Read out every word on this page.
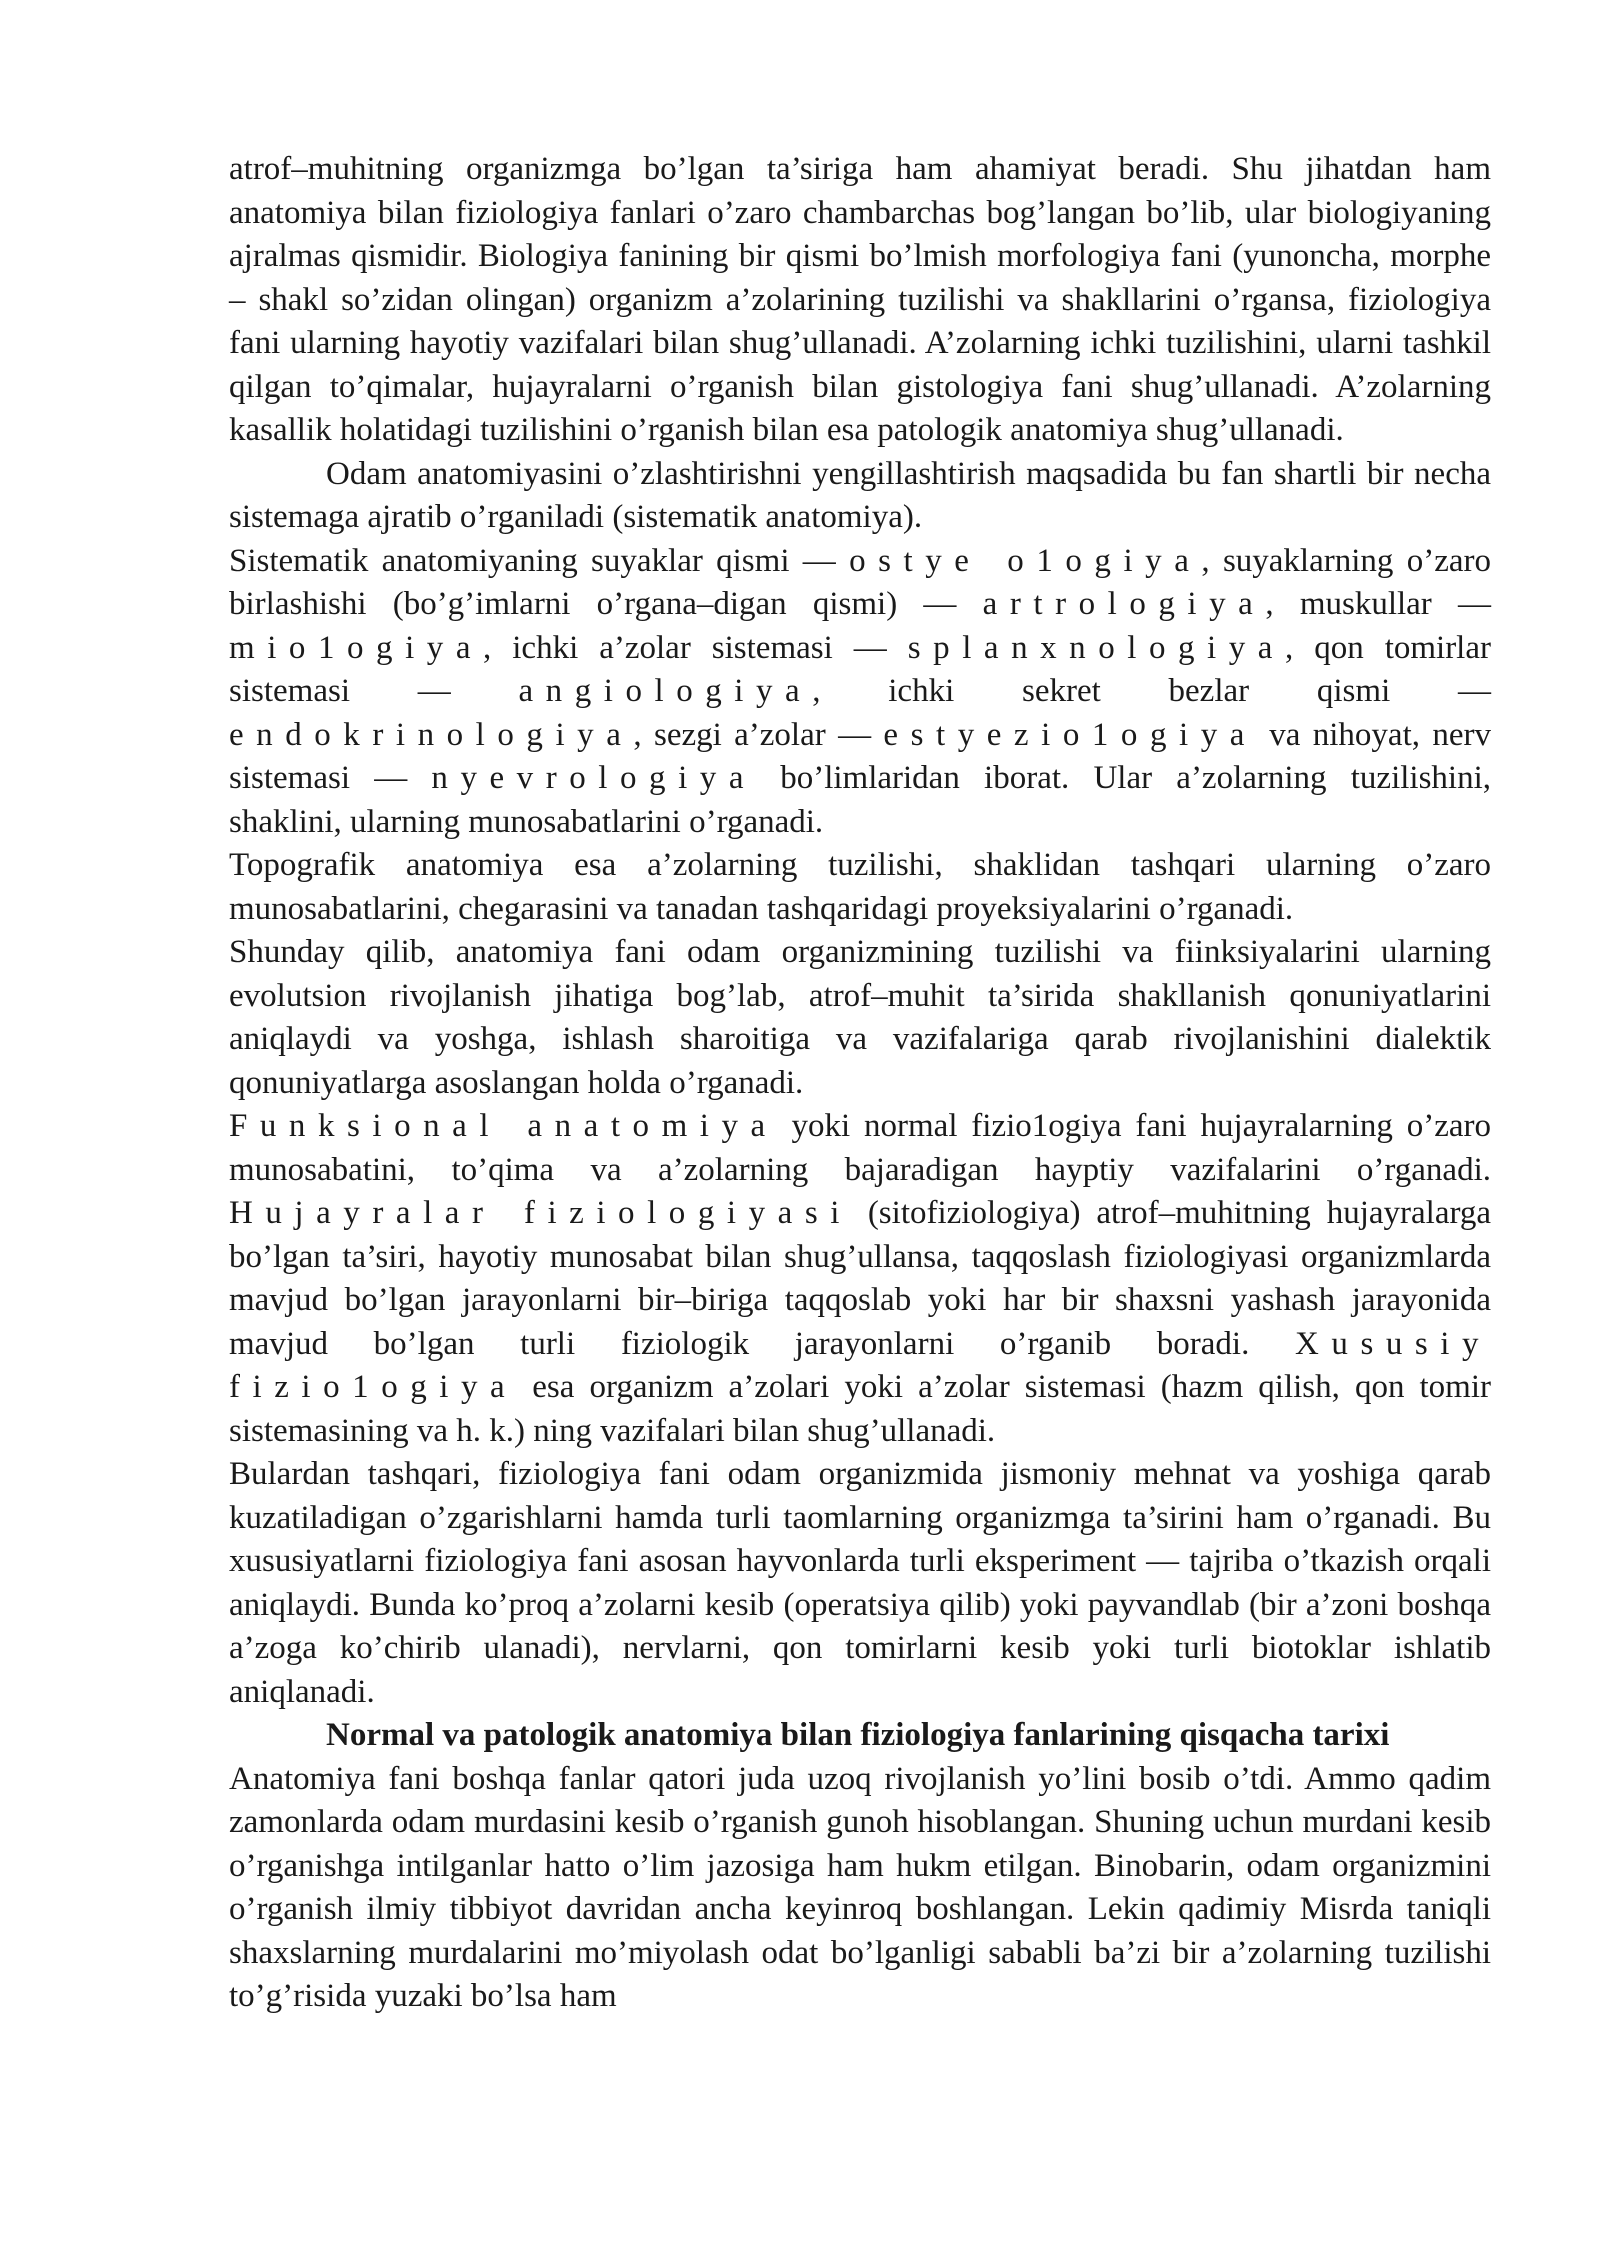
atrof–muhitning organizmga bo’lgan ta’siriga ham ahamiyat beradi. Shu jihatdan ham anatomiya bilan fiziologiya fanlari o’zaro chambarchas bog’langan bo’lib, ular biologiyaning ajralmas qismidir. Biologiya fanining bir qismi bo’lmish morfologiya fani (yunoncha, morphe – shakl so’zidan olingan) organizm a’zolarining tuzilishi va shakllarini o’rgansa, fiziologiya fani ularning hayotiy vazifalari bilan shug’ullanadi. A’zolarning ichki tuzilishini, ularni tashkil qilgan to’qimalar, hujayralarni o’rganish bilan gistologiya fani shug’ullanadi. A’zolarning kasallik holatidagi tuzilishini o’rganish bilan esa patologik anatomiya shug’ullanadi.

Odam anatomiyasini o’zlashtirishni yengillashtirish maqsadida bu fan shartli bir necha sistemaga ajratib o’rganiladi (sistematik anatomiya).

Sistematik anatomiyaning suyaklar qismi — ostye o1ogiya, suyaklarning o’zaro birlashishi (bo’g’imlarni o’rgana–digan qismi) — artrologiya, muskullar — mio1ogiya, ichki a’zolar sistemasi — splanxnologiya, qon tomirlar sistemasi — angiologiya, ichki sekret bezlar qismi — endokrinologiya, sezgi a’zolar — estyezio1ogiya va nihoyat, nerv sistemasi — nyevrologiya bo’limlaridan iborat. Ular a’zolarning tuzilishini, shaklini, ularning munosabatlarini o’rganadi.

Topografik anatomiya esa a’zolarning tuzilishi, shaklidan tashqari ularning o’zaro munosabatlarini, chegarasini va tanadan tashqaridagi proyeksiyalarini o’rganadi.

Shunday qilib, anatomiya fani odam organizmining tuzilishi va fiinksiyalarini ularning evolutsion rivojlanish jihatiga bog’lab, atrof–muhit ta’sirida shakllanish qonuniyatlarini aniqlaydi va yoshga, ishlash sharoitiga va vazifalariga qarab rivojlanishini dialektik qonuniyatlarga asoslangan holda o’rganadi.

Funksional anatomiya yoki normal fizio1ogiya fani hujayralarning o’zaro munosabatini, to’qima va a’zolarning bajaradigan hayptiy vazifalarini o’rganadi. Hujayralar fiziologiyasi (sitofiziologiya) atrof–muhitning hujayralarga bo’lgan ta’siri, hayotiy munosabat bilan shug’ullansa, taqqoslash fiziologiyasi organizmlarda mavjud bo’lgan jarayonlarni bir–biriga taqqoslab yoki har bir shaxsni yashash jarayonida mavjud bo’lgan turli fiziologik jarayonlarni o’rganib boradi. Xususiy fizio1ogiya esa organizm a’zolari yoki a’zolar sistemasi (hazm qilish, qon tomir sistemasining va h. k.) ning vazifalari bilan shug’ullanadi.

Bulardan tashqari, fiziologiya fani odam organizmida jismoniy mehnat va yoshiga qarab kuzatiladigan o’zgarishlarni hamda turli taomlarning organizmga ta’sirini ham o’rganadi. Bu xususiyatlarni fiziologiya fani asosan hayvonlarda turli eksperiment — tajriba o’tkazish orqali aniqlaydi. Bunda ko’proq a’zolarni kesib (operatsiya qilib) yoki payvandlab (bir a’zoni boshqa a’zoga ko’chirib ulanadi), nervlarni, qon tomirlarni kesib yoki turli biotoklar ishlatib aniqlanadi.

Normal va patologik anatomiya bilan fiziologiya fanlarining qisqacha tarixi

Anatomiya fani boshqa fanlar qatori juda uzoq rivojlanish yo’lini bosib o’tdi. Ammo qadim zamonlarda odam murdasini kesib o’rganish gunoh hisoblangan. Shuning uchun murdani kesib o’rganishga intilganlar hatto o’lim jazosiga ham hukm etilgan. Binobarin, odam organizmini o’rganish ilmiy tibbiyot davridan ancha keyinroq boshlangan. Lekin qadimiy Misrda taniqli shaxslarning murdalarini mo’miyolash odat bo’lganligi sababli ba’zi bir a’zolarning tuzilishi to’g’risida yuzaki bo’lsa ham
